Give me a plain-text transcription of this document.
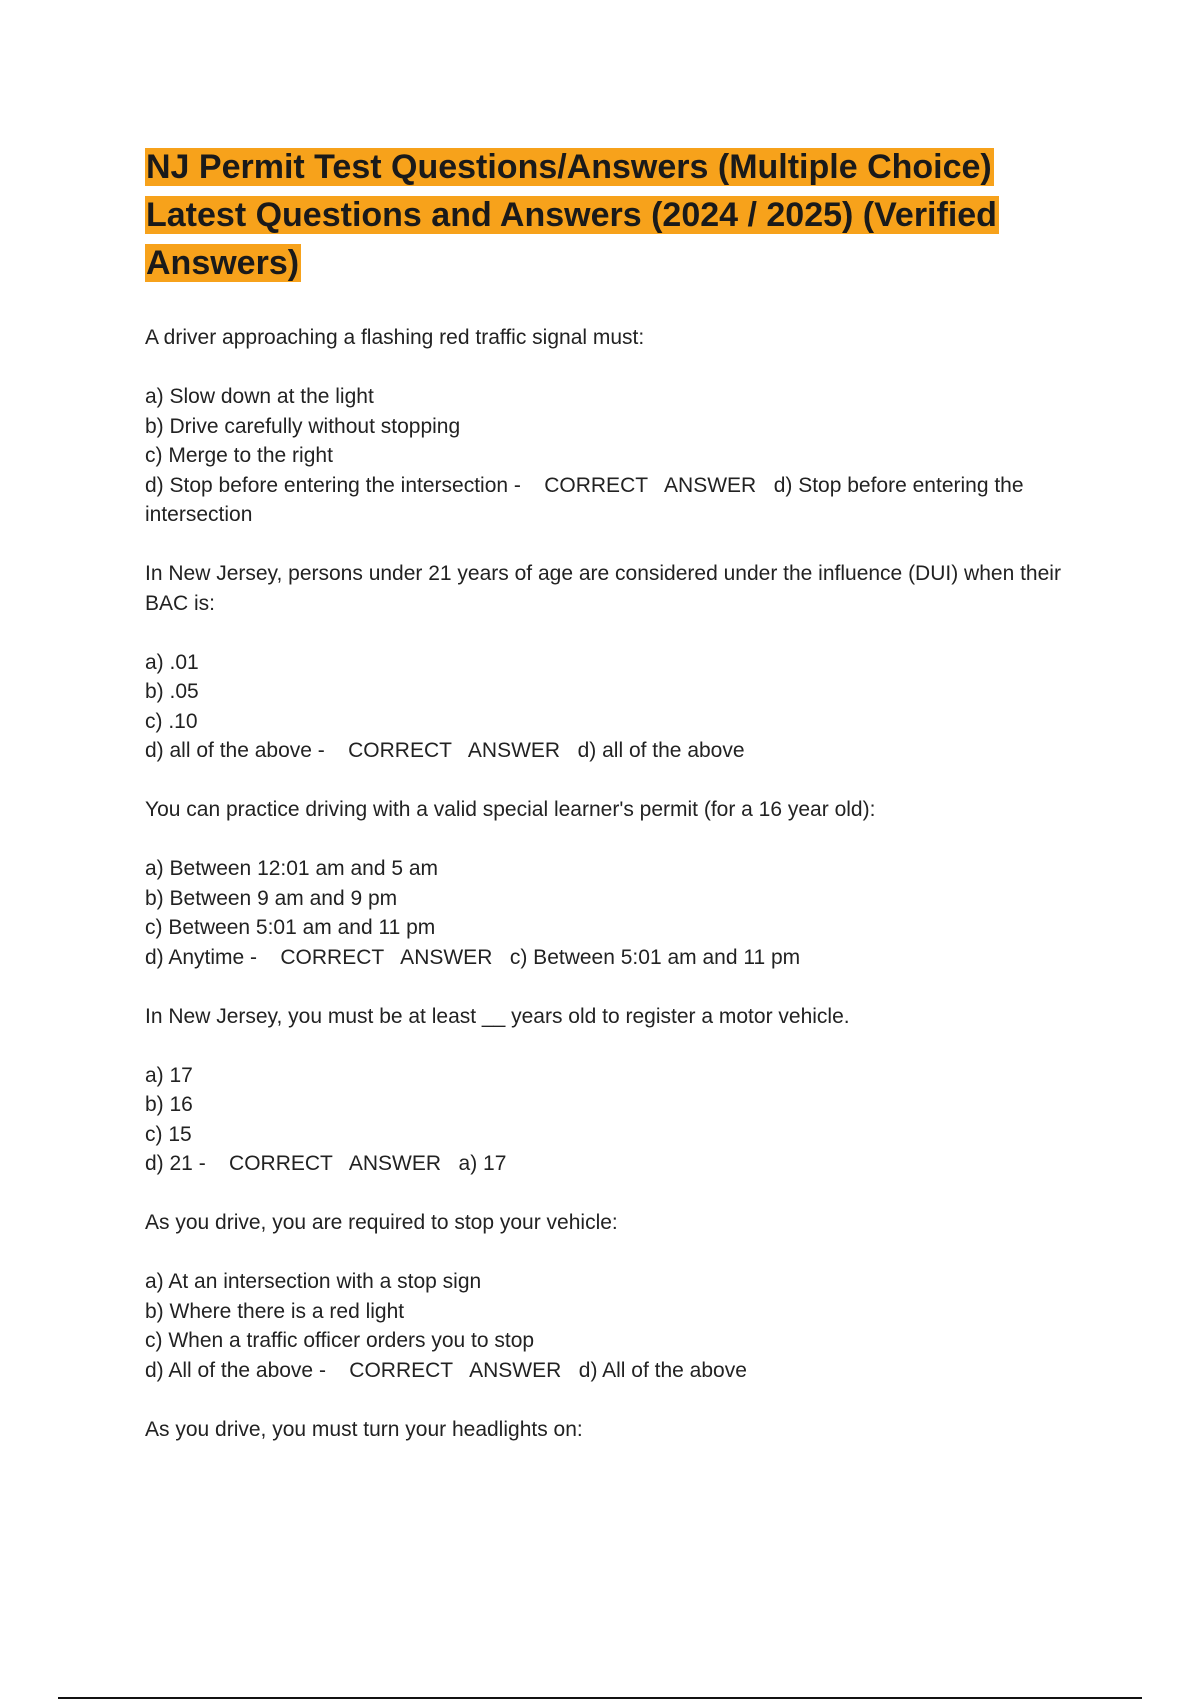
NJ Permit Test Questions/Answers (Multiple Choice)
Latest Questions and Answers (2024 / 2025) (Verified
Answers)

A driver approaching a flashing red traffic signal must:

a) Slow down at the light

b) Drive carefully without stopping

c) Merge to the right

d) Stop before entering the intersection -    CORRECT   ANSWER   d) Stop before entering the intersection

In New Jersey, persons under 21 years of age are considered under the influence (DUI) when their BAC is:

a) .01

b) .05

c) .10

d) all of the above -    CORRECT   ANSWER   d) all of the above

You can practice driving with a valid special learner's permit (for a 16 year old):

a) Between 12:01 am and 5 am

b) Between 9 am and 9 pm

c) Between 5:01 am and 11 pm

d) Anytime -    CORRECT   ANSWER   c) Between 5:01 am and 11 pm

In New Jersey, you must be at least __ years old to register a motor vehicle.

a) 17

b) 16

c) 15

d) 21 -    CORRECT   ANSWER   a) 17

As you drive, you are required to stop your vehicle:

a) At an intersection with a stop sign

b) Where there is a red light

c) When a traffic officer orders you to stop

d) All of the above -    CORRECT   ANSWER   d) All of the above

As you drive, you must turn your headlights on:
